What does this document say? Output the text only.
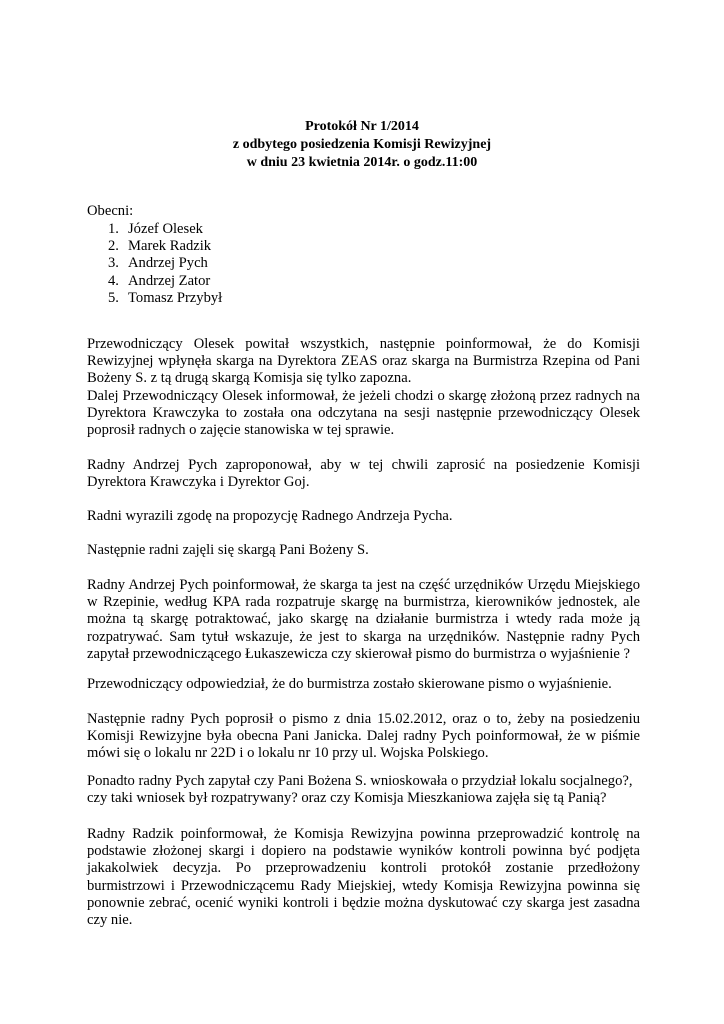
Protokół Nr 1/2014
z odbytego posiedzenia Komisji Rewizyjnej
w dniu 23 kwietnia 2014r. o godz.11:00
Obecni:
1. Józef Olesek
2. Marek Radzik
3. Andrzej Pych
4. Andrzej Zator
5. Tomasz Przybył
Przewodniczący Olesek powitał wszystkich, następnie poinformował, że do Komisji
Rewizyjnej wpłynęła skarga na Dyrektora ZEAS oraz skarga na Burmistrza Rzepina od Pani
Bożeny S. z tą drugą skargą Komisja się tylko zapozna.
Dalej Przewodniczący Olesek informował, że jeżeli chodzi o skargę złożoną przez radnych na
Dyrektora Krawczyka to została ona odczytana na sesji następnie przewodniczący Olesek
poprosił radnych o zajęcie stanowiska w tej sprawie.
Radny Andrzej Pych zaproponował, aby w tej chwili zaprosić na posiedzenie Komisji
Dyrektora Krawczyka i Dyrektor Goj.
Radni wyrazili zgodę na propozycję Radnego Andrzeja Pycha.
Następnie radni zajęli się skargą Pani Bożeny S.
Radny Andrzej Pych poinformował, że skarga ta jest na część urzędników Urzędu Miejskiego
w Rzepinie, według KPA rada rozpatruje skargę na burmistrza, kierowników jednostek, ale
można tą skargę potraktować, jako skargę na działanie burmistrza i wtedy rada może ją
rozpatrywać. Sam tytuł wskazuje, że jest to skarga na urzędników. Następnie radny Pych
zapytał przewodniczącego Łukaszewicza czy skierował pismo do burmistrza o wyjaśnienie ?
Przewodniczący odpowiedział, że do burmistrza zostało skierowane pismo o wyjaśnienie.
Następnie radny Pych poprosił o pismo z dnia 15.02.2012, oraz o to, żeby na posiedzeniu
Komisji Rewizyjne była obecna Pani Janicka. Dalej radny Pych poinformował, że w piśmie
mówi się o lokalu nr 22D i o lokalu nr 10 przy ul. Wojska Polskiego.
Ponadto radny Pych zapytał czy Pani Bożena S. wnioskowała o przydział lokalu socjalnego?,
czy taki wniosek był rozpatrywany? oraz czy Komisja Mieszkaniowa zajęła się tą Panią?
Radny Radzik poinformował, że Komisja Rewizyjna powinna przeprowadzić kontrolę na
podstawie złożonej skargi i dopiero na podstawie wyników kontroli powinna być podjęta
jakakolwiek decyzja. Po przeprowadzeniu kontroli protokół zostanie przedłożony
burmistrzowi i Przewodniczącemu Rady Miejskiej, wtedy Komisja Rewizyjna powinna się
ponownie zebrać, ocenić wyniki kontroli i będzie można dyskutować czy skarga jest zasadna
czy nie.
